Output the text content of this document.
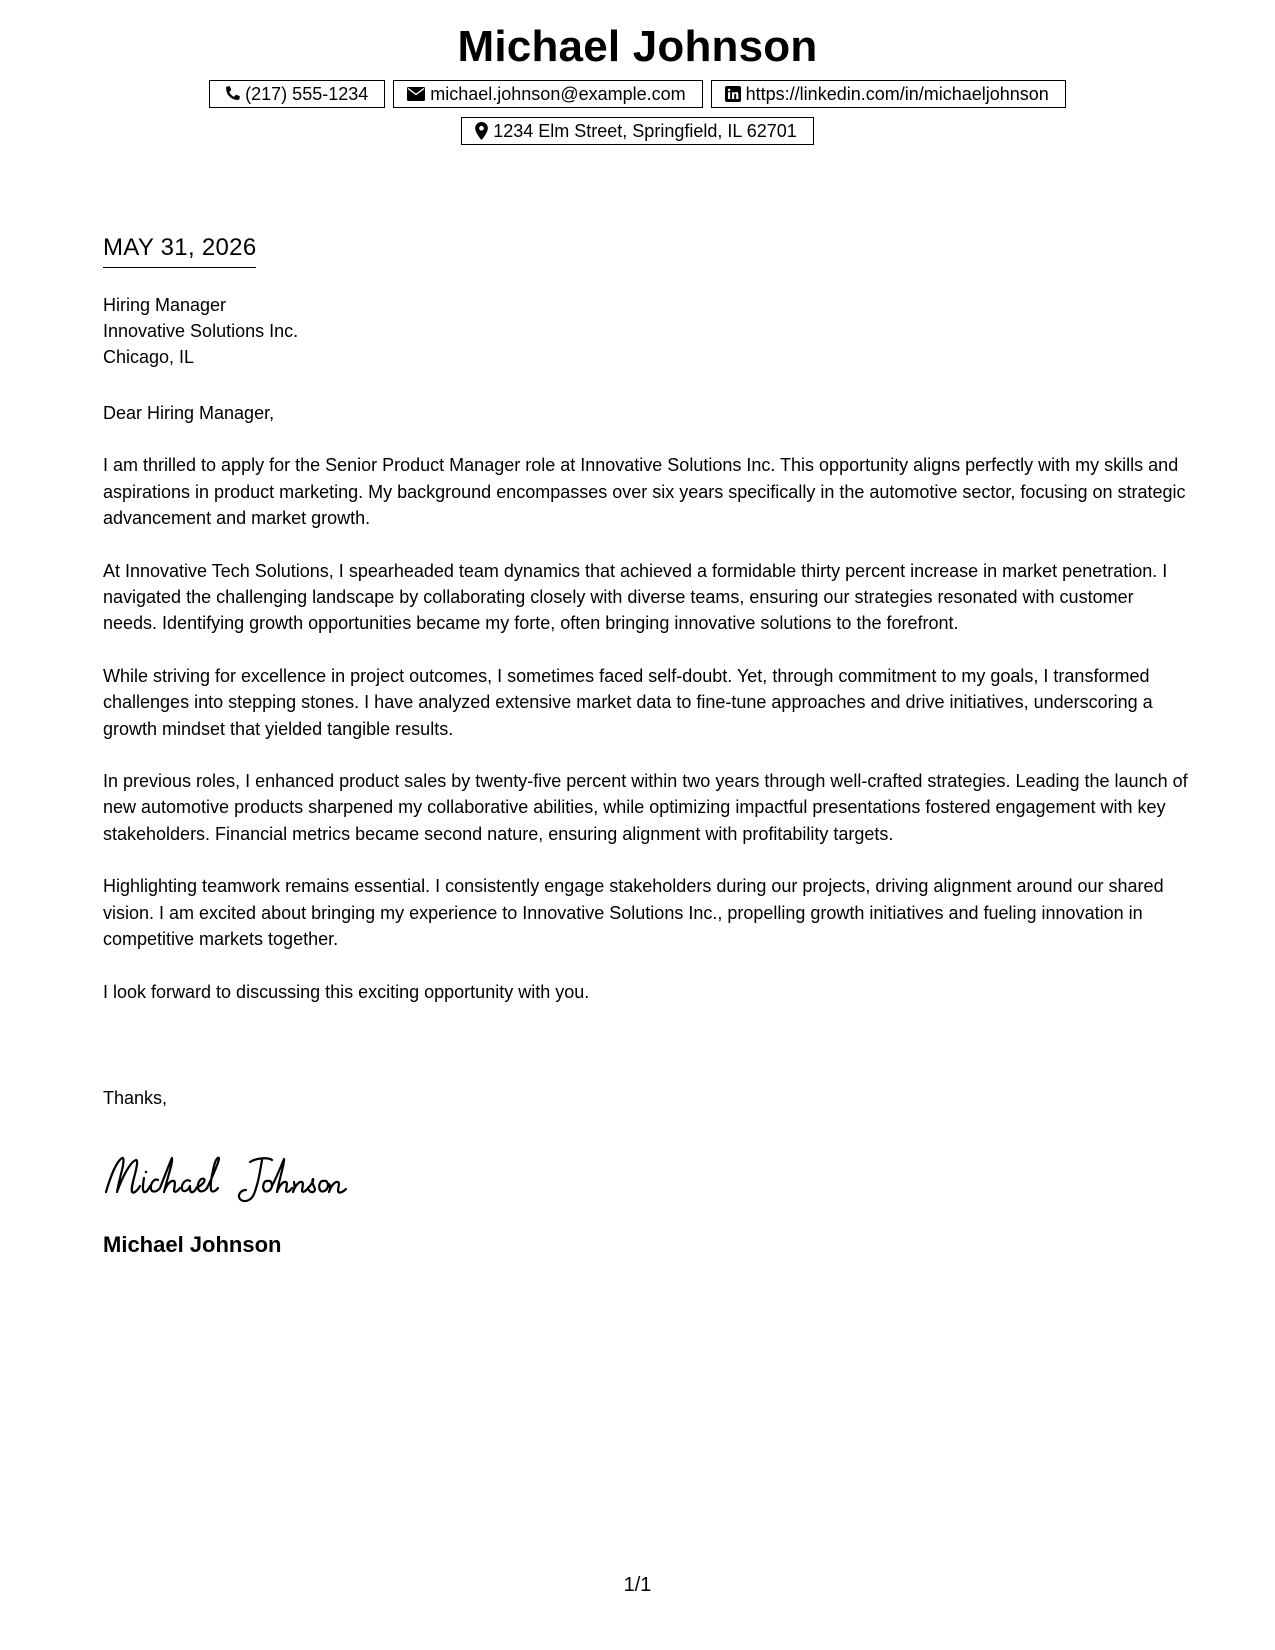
Michael Johnson
(217) 555-1234	michael.johnson@example.com	https://linkedin.com/in/michaeljohnson
1234 Elm Street, Springfield, IL 62701
MAY 31, 2026
Hiring Manager
Innovative Solutions Inc.
Chicago, IL

Dear Hiring Manager,

I am thrilled to apply for the Senior Product Manager role at Innovative Solutions Inc. This opportunity aligns perfectly with my skills and aspirations in product marketing. My background encompasses over six years specifically in the automotive sector, focusing on strategic advancement and market growth.

At Innovative Tech Solutions, I spearheaded team dynamics that achieved a formidable thirty percent increase in market penetration. I navigated the challenging landscape by collaborating closely with diverse teams, ensuring our strategies resonated with customer needs. Identifying growth opportunities became my forte, often bringing innovative solutions to the forefront.

While striving for excellence in project outcomes, I sometimes faced self-doubt. Yet, through commitment to my goals, I transformed challenges into stepping stones. I have analyzed extensive market data to fine-tune approaches and drive initiatives, underscoring a growth mindset that yielded tangible results.

In previous roles, I enhanced product sales by twenty-five percent within two years through well-crafted strategies. Leading the launch of new automotive products sharpened my collaborative abilities, while optimizing impactful presentations fostered engagement with key stakeholders. Financial metrics became second nature, ensuring alignment with profitability targets.

Highlighting teamwork remains essential. I consistently engage stakeholders during our projects, driving alignment around our shared vision. I am excited about bringing my experience to Innovative Solutions Inc., propelling growth initiatives and fueling innovation in competitive markets together.

I look forward to discussing this exciting opportunity with you.

Thanks,
Michael Johnson
1/1
